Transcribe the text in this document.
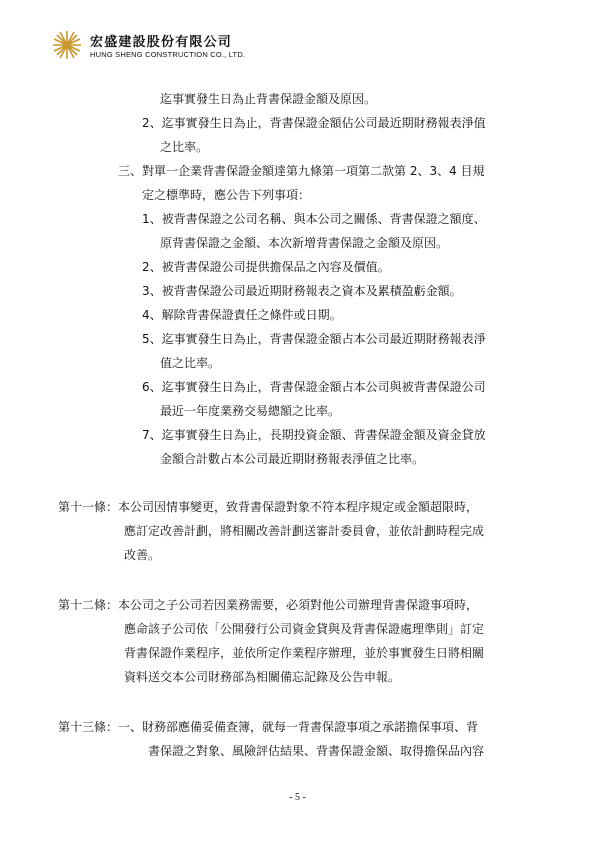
宏盛建設股份有限公司
HUNG SHENG CONSTRUCTION CO., LTD.
迄事實發生日為止背書保證金額及原因。
2、迄事實發生日為止，背書保證金額佔公司最近期財務報表淨值
之比率。
三、對單一企業背書保證金額達第九條第一項第二款第 2、3、4 目規
定之標準時，應公告下列事項：
1、被背書保證之公司名稱、與本公司之關係、背書保證之額度、
原背書保證之金額、本次新增背書保證之金額及原因。
2、被背書保證公司提供擔保品之內容及價值。
3、被背書保證公司最近期財務報表之資本及累積盈虧金額。
4、解除背書保證責任之條件或日期。
5、迄事實發生日為止，背書保證金額占本公司最近期財務報表淨
值之比率。
6、迄事實發生日為止，背書保證金額占本公司與被背書保證公司
最近一年度業務交易總額之比率。
7、迄事實發生日為止，長期投資金額、背書保證金額及資金貸放
金額合計數占本公司最近期財務報表淨值之比率。
第十一條：本公司因情事變更，致背書保證對象不符本程序規定或金額超限時，
應訂定改善計劃，將相關改善計劃送審計委員會，並依計劃時程完成
改善。
第十二條：本公司之子公司若因業務需要，必須對他公司辦理背書保證事項時，
應命該子公司依「公開發行公司資金貸與及背書保證處理準則」訂定
背書保證作業程序，並依所定作業程序辦理，並於事實發生日將相關
資料送交本公司財務部為相關備忘記錄及公告申報。
第十三條：一、財務部應備妥備查簿，就每一背書保證事項之承諾擔保事項、背
書保證之對象、風險評估結果、背書保證金額、取得擔保品內容
- 5 -
